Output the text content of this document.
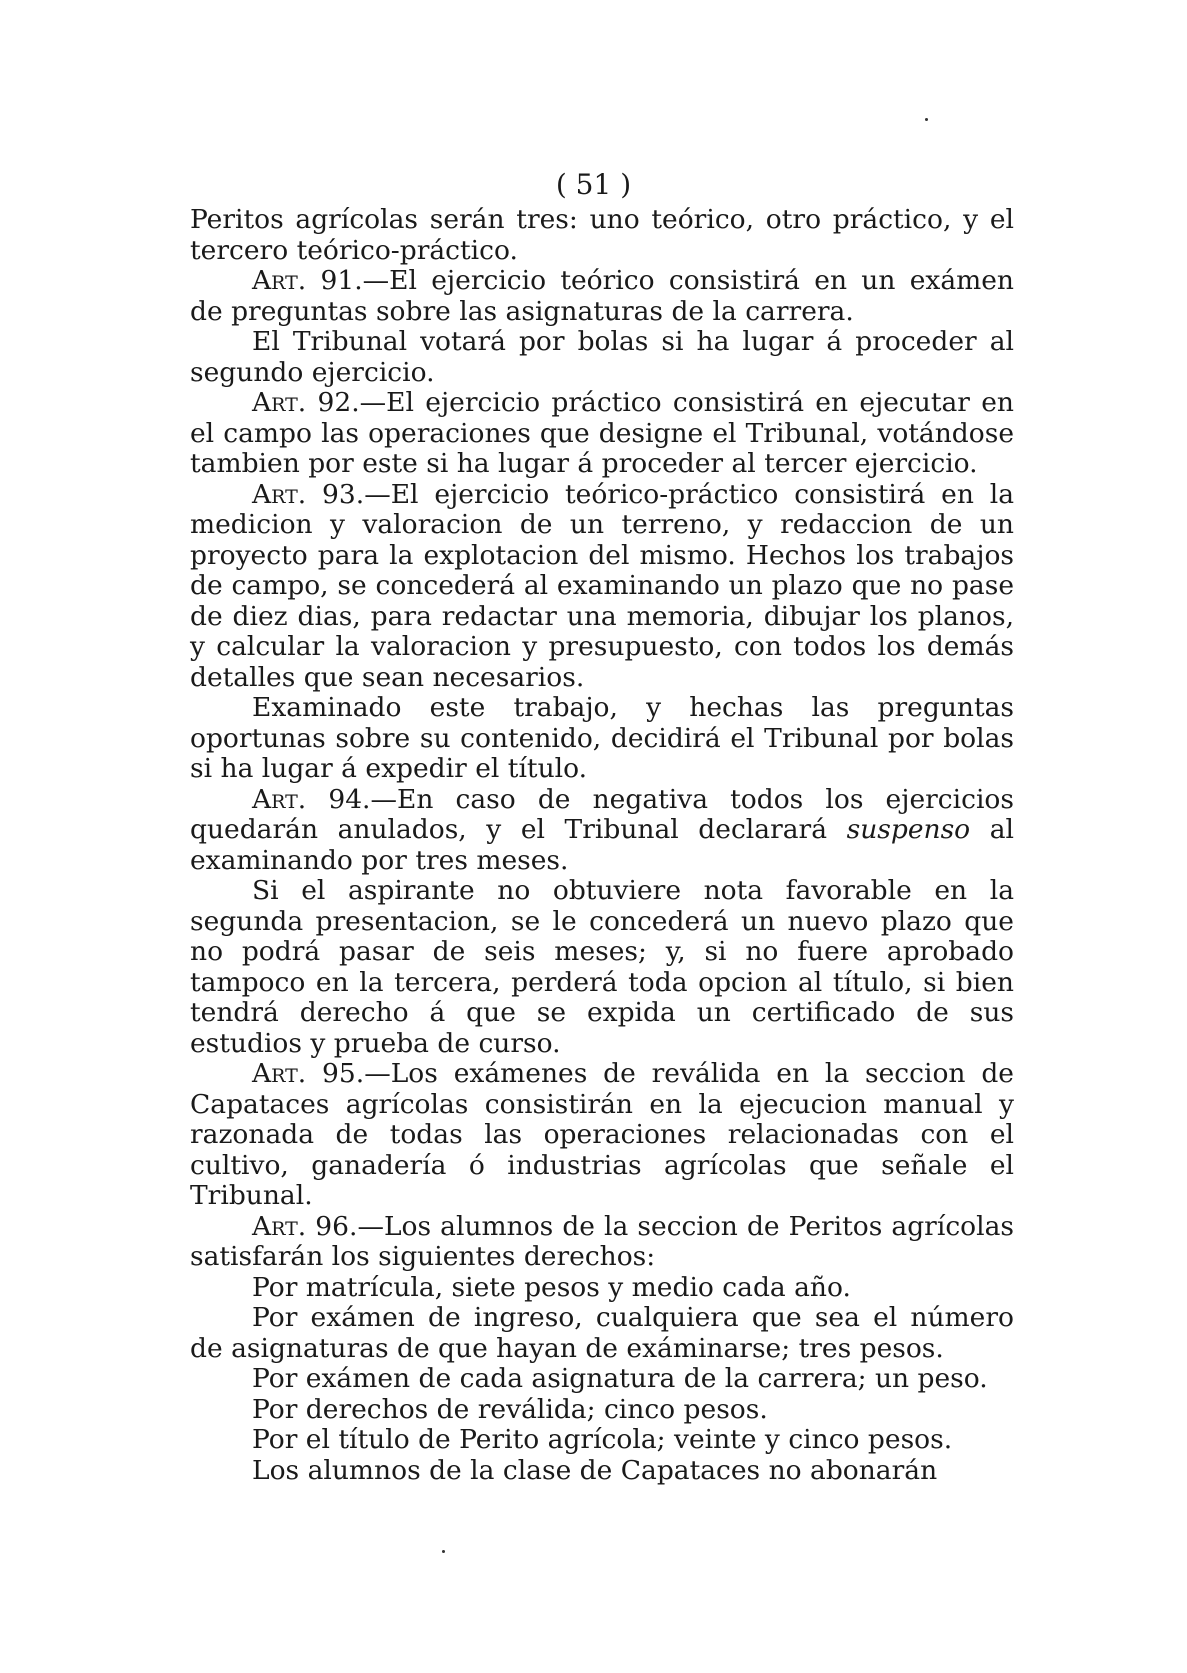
( 51 )

Peritos agrícolas serán tres: uno teórico, otro práctico, y el tercero teórico-práctico.

Art. 91.—El ejercicio teórico consistirá en un exámen de preguntas sobre las asignaturas de la carrera.

El Tribunal votará por bolas si ha lugar á proceder al segundo ejercicio.

Art. 92.—El ejercicio práctico consistirá en ejecutar en el campo las operaciones que designe el Tribunal, votándose tambien por este si ha lugar á proceder al tercer ejercicio.

Art. 93.—El ejercicio teórico-práctico consistirá en la medicion y valoracion de un terreno, y redaccion de un proyecto para la explotacion del mismo. Hechos los trabajos de campo, se concederá al examinando un plazo que no pase de diez dias, para redactar una memoria, dibujar los planos, y calcular la valoracion y presupuesto, con todos los demás detalles que sean necesarios.

Examinado este trabajo, y hechas las preguntas oportunas sobre su contenido, decidirá el Tribunal por bolas si ha lugar á expedir el título.

Art. 94.—En caso de negativa todos los ejercicios quedarán anulados, y el Tribunal declarará suspenso al examinando por tres meses.

Si el aspirante no obtuviere nota favorable en la segunda presentacion, se le concederá un nuevo plazo que no podrá pasar de seis meses; y, si no fuere aprobado tampoco en la tercera, perderá toda opcion al título, si bien tendrá derecho á que se expida un certificado de sus estudios y prueba de curso.

Art. 95.—Los exámenes de reválida en la seccion de Capataces agrícolas consistirán en la ejecucion manual y razonada de todas las operaciones relacionadas con el cultivo, ganadería ó industrias agrícolas que señale el Tribunal.

Art. 96.—Los alumnos de la seccion de Peritos agrícolas satisfarán los siguientes derechos:

Por matrícula, siete pesos y medio cada año.

Por exámen de ingreso, cualquiera que sea el número de asignaturas de que hayan de exáminarse; tres pesos.

Por exámen de cada asignatura de la carrera; un peso.

Por derechos de reválida; cinco pesos.

Por el título de Perito agrícola; veinte y cinco pesos.

Los alumnos de la clase de Capataces no abonarán
